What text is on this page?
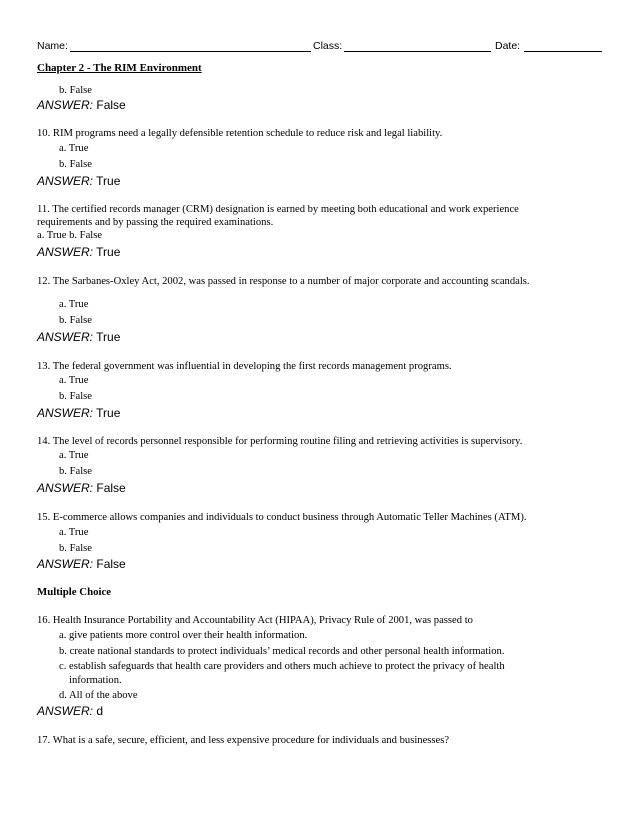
Name:	Class:	Date:
Chapter 2 - The RIM Environment
b. False
ANSWER: False
10. RIM programs need a legally defensible retention schedule to reduce risk and legal liability.
a. True
b. False
ANSWER: True
11. The certified records manager (CRM) designation is earned by meeting both educational and work experience
requirements and by passing the required examinations.
a. True b. False
ANSWER: True
12. The Sarbanes-Oxley Act, 2002, was passed in response to a number of major corporate and accounting scandals.
a. True
b. False
ANSWER: True
13. The federal government was influential in developing the first records management programs.
a. True
b. False
ANSWER: True
14. The level of records personnel responsible for performing routine filing and retrieving activities is supervisory.
a. True
b. False
ANSWER: False
15. E-commerce allows companies and individuals to conduct business through Automatic Teller Machines (ATM).
a. True
b. False
ANSWER: False
Multiple Choice
16. Health Insurance Portability and Accountability Act (HIPAA), Privacy Rule of 2001, was passed to
a. give patients more control over their health information.
b. create national standards to protect individuals’ medical records and other personal health information.
c. establish safeguards that health care providers and others much achieve to protect the privacy of health
information.
d. All of the above
ANSWER: d
17. What is a safe, secure, efficient, and less expensive procedure for individuals and businesses?
